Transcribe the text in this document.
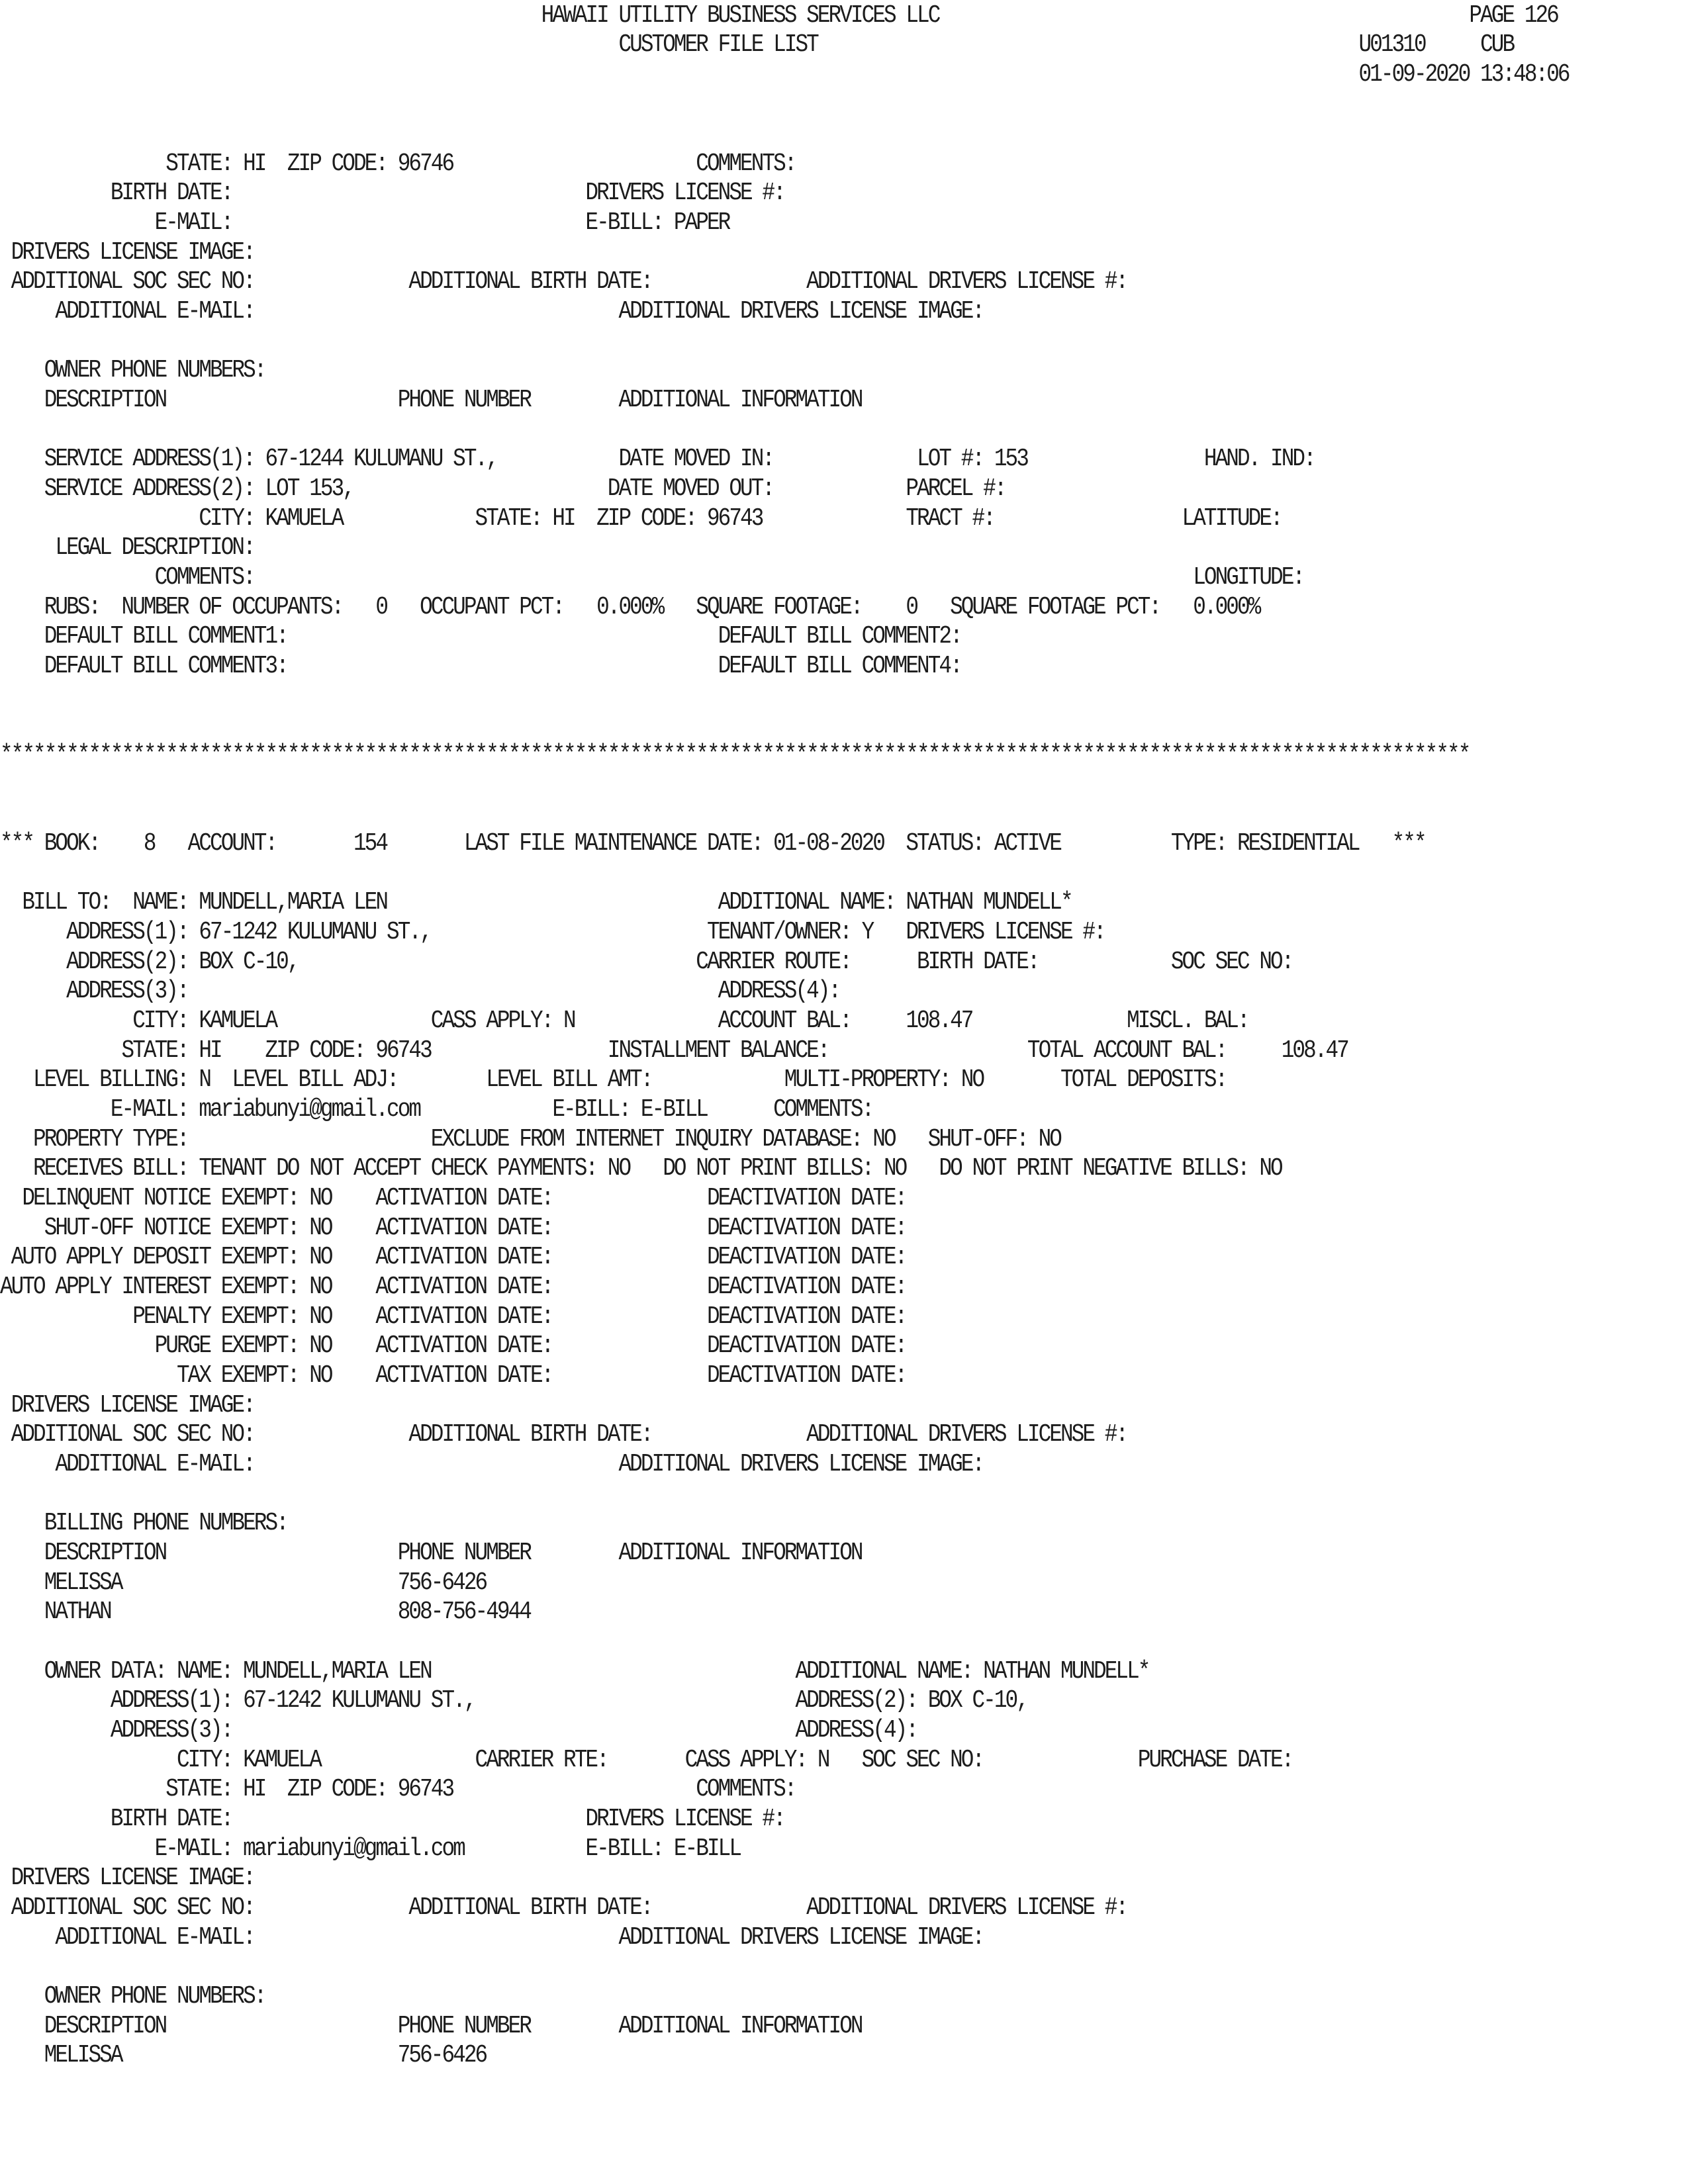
HAWAII UTILITY BUSINESS SERVICES LLC                                                PAGE 126
CUSTOMER FILE LIST                                                 U01310     CUB
01-09-2020 13:48:06
STATE: HI  ZIP CODE: 96746                      COMMENTS:
BIRTH DATE:                                DRIVERS LICENSE #:
E-MAIL:                                E-BILL: PAPER
DRIVERS LICENSE IMAGE:
ADDITIONAL SOC SEC NO:              ADDITIONAL BIRTH DATE:              ADDITIONAL DRIVERS LICENSE #:
ADDITIONAL E-MAIL:                                 ADDITIONAL DRIVERS LICENSE IMAGE:
OWNER PHONE NUMBERS:
DESCRIPTION                     PHONE NUMBER        ADDITIONAL INFORMATION
SERVICE ADDRESS(1): 67-1244 KULUMANU ST.,           DATE MOVED IN:             LOT #: 153                HAND. IND:
SERVICE ADDRESS(2): LOT 153,                       DATE MOVED OUT:            PARCEL #:
CITY: KAMUELA            STATE: HI  ZIP CODE: 96743             TRACT #:                 LATITUDE:
LEGAL DESCRIPTION:
COMMENTS:                                                                                     LONGITUDE:
RUBS:  NUMBER OF OCCUPANTS:   0   OCCUPANT PCT:   0.000%   SQUARE FOOTAGE:    0   SQUARE FOOTAGE PCT:   0.000%
DEFAULT BILL COMMENT1:                                       DEFAULT BILL COMMENT2:
DEFAULT BILL COMMENT3:                                       DEFAULT BILL COMMENT4:
*************************************************************************************************************************************
*** BOOK:    8   ACCOUNT:       154       LAST FILE MAINTENANCE DATE: 01-08-2020  STATUS: ACTIVE          TYPE: RESIDENTIAL   ***
BILL TO:  NAME: MUNDELL,MARIA LEN                              ADDITIONAL NAME: NATHAN MUNDELL*
ADDRESS(1): 67-1242 KULUMANU ST.,                         TENANT/OWNER: Y   DRIVERS LICENSE #:
ADDRESS(2): BOX C-10,                                    CARRIER ROUTE:      BIRTH DATE:            SOC SEC NO:
ADDRESS(3):                                                ADDRESS(4):
CITY: KAMUELA              CASS APPLY: N             ACCOUNT BAL:     108.47              MISCL. BAL:
STATE: HI    ZIP CODE: 96743                INSTALLMENT BALANCE:                  TOTAL ACCOUNT BAL:     108.47
LEVEL BILLING: N  LEVEL BILL ADJ:        LEVEL BILL AMT:            MULTI-PROPERTY: NO       TOTAL DEPOSITS:
E-MAIL: mariabunyi@gmail.com            E-BILL: E-BILL      COMMENTS:
PROPERTY TYPE:                      EXCLUDE FROM INTERNET INQUIRY DATABASE: NO   SHUT-OFF: NO
RECEIVES BILL: TENANT DO NOT ACCEPT CHECK PAYMENTS: NO   DO NOT PRINT BILLS: NO   DO NOT PRINT NEGATIVE BILLS: NO
DELINQUENT NOTICE EXEMPT: NO    ACTIVATION DATE:              DEACTIVATION DATE:
SHUT-OFF NOTICE EXEMPT: NO    ACTIVATION DATE:              DEACTIVATION DATE:
AUTO APPLY DEPOSIT EXEMPT: NO    ACTIVATION DATE:              DEACTIVATION DATE:
AUTO APPLY INTEREST EXEMPT: NO    ACTIVATION DATE:              DEACTIVATION DATE:
PENALTY EXEMPT: NO    ACTIVATION DATE:              DEACTIVATION DATE:
PURGE EXEMPT: NO    ACTIVATION DATE:              DEACTIVATION DATE:
TAX EXEMPT: NO    ACTIVATION DATE:              DEACTIVATION DATE:
DRIVERS LICENSE IMAGE:
ADDITIONAL SOC SEC NO:              ADDITIONAL BIRTH DATE:              ADDITIONAL DRIVERS LICENSE #:
ADDITIONAL E-MAIL:                                 ADDITIONAL DRIVERS LICENSE IMAGE:
BILLING PHONE NUMBERS:
DESCRIPTION                     PHONE NUMBER        ADDITIONAL INFORMATION
MELISSA                         756-6426
NATHAN                          808-756-4944
OWNER DATA: NAME: MUNDELL,MARIA LEN                                 ADDITIONAL NAME: NATHAN MUNDELL*
ADDRESS(1): 67-1242 KULUMANU ST.,                             ADDRESS(2): BOX C-10,
ADDRESS(3):                                                   ADDRESS(4):
CITY: KAMUELA              CARRIER RTE:       CASS APPLY: N   SOC SEC NO:              PURCHASE DATE:
STATE: HI  ZIP CODE: 96743                      COMMENTS:
BIRTH DATE:                                DRIVERS LICENSE #:
E-MAIL: mariabunyi@gmail.com           E-BILL: E-BILL
DRIVERS LICENSE IMAGE:
ADDITIONAL SOC SEC NO:              ADDITIONAL BIRTH DATE:              ADDITIONAL DRIVERS LICENSE #:
ADDITIONAL E-MAIL:                                 ADDITIONAL DRIVERS LICENSE IMAGE:
OWNER PHONE NUMBERS:
DESCRIPTION                     PHONE NUMBER        ADDITIONAL INFORMATION
MELISSA                         756-6426
